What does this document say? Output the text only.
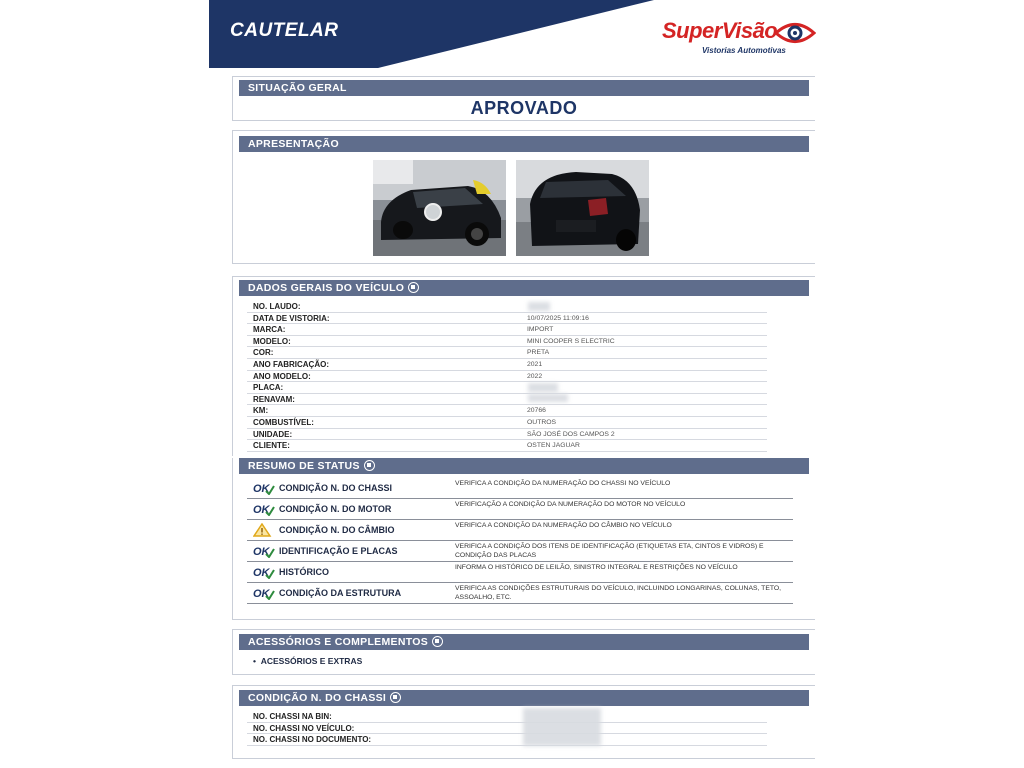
CAUTELAR	SuperVisão
Vistorias Automotivas
SITUAÇÃO GERAL
APROVADO
APRESENTAÇÃO
DADOS GERAIS DO VEÍCULO
NO. LAUDO:
DATA DE VISTORIA:	10/07/2025 11:09:16
MARCA:	IMPORT
MODELO:	MINI COOPER S ELECTRIC
COR:	PRETA
ANO FABRICAÇÃO:	2021
ANO MODELO:	2022
PLACA:
RENAVAM:
KM:	20766
COMBUSTÍVEL:	OUTROS
UNIDADE:	SÃO JOSÉ DOS CAMPOS 2
CLIENTE:	OSTEN JAGUAR
RESUMO DE STATUS
OK CONDIÇÃO N. DO CHASSI	VERIFICA A CONDIÇÃO DA NUMERAÇÃO DO CHASSI NO VEÍCULO
OK CONDIÇÃO N. DO MOTOR	VERIFICAÇÃO A CONDIÇÃO DA NUMERAÇÃO DO MOTOR NO VEÍCULO
CONDIÇÃO N. DO CÂMBIO	VERIFICA A CONDIÇÃO DA NUMERAÇÃO DO CÂMBIO NO VEÍCULO
OK IDENTIFICAÇÃO E PLACAS	VERIFICA A CONDIÇÃO DOS ITENS DE IDENTIFICAÇÃO (ETIQUETAS ETA, CINTOS E VIDROS) E CONDIÇÃO DAS PLACAS
OK HISTÓRICO	INFORMA O HISTÓRICO DE LEILÃO, SINISTRO INTEGRAL E RESTRIÇÕES NO VEÍCULO
OK CONDIÇÃO DA ESTRUTURA	VERIFICA AS CONDIÇÕES ESTRUTURAIS DO VEÍCULO, INCLUINDO LONGARINAS, COLUNAS, TETO, ASSOALHO, ETC.
ACESSÓRIOS E COMPLEMENTOS
•  ACESSÓRIOS E EXTRAS
CONDIÇÃO N. DO CHASSI
NO. CHASSI NA BIN:
NO. CHASSI NO VEÍCULO:
NO. CHASSI NO DOCUMENTO:
